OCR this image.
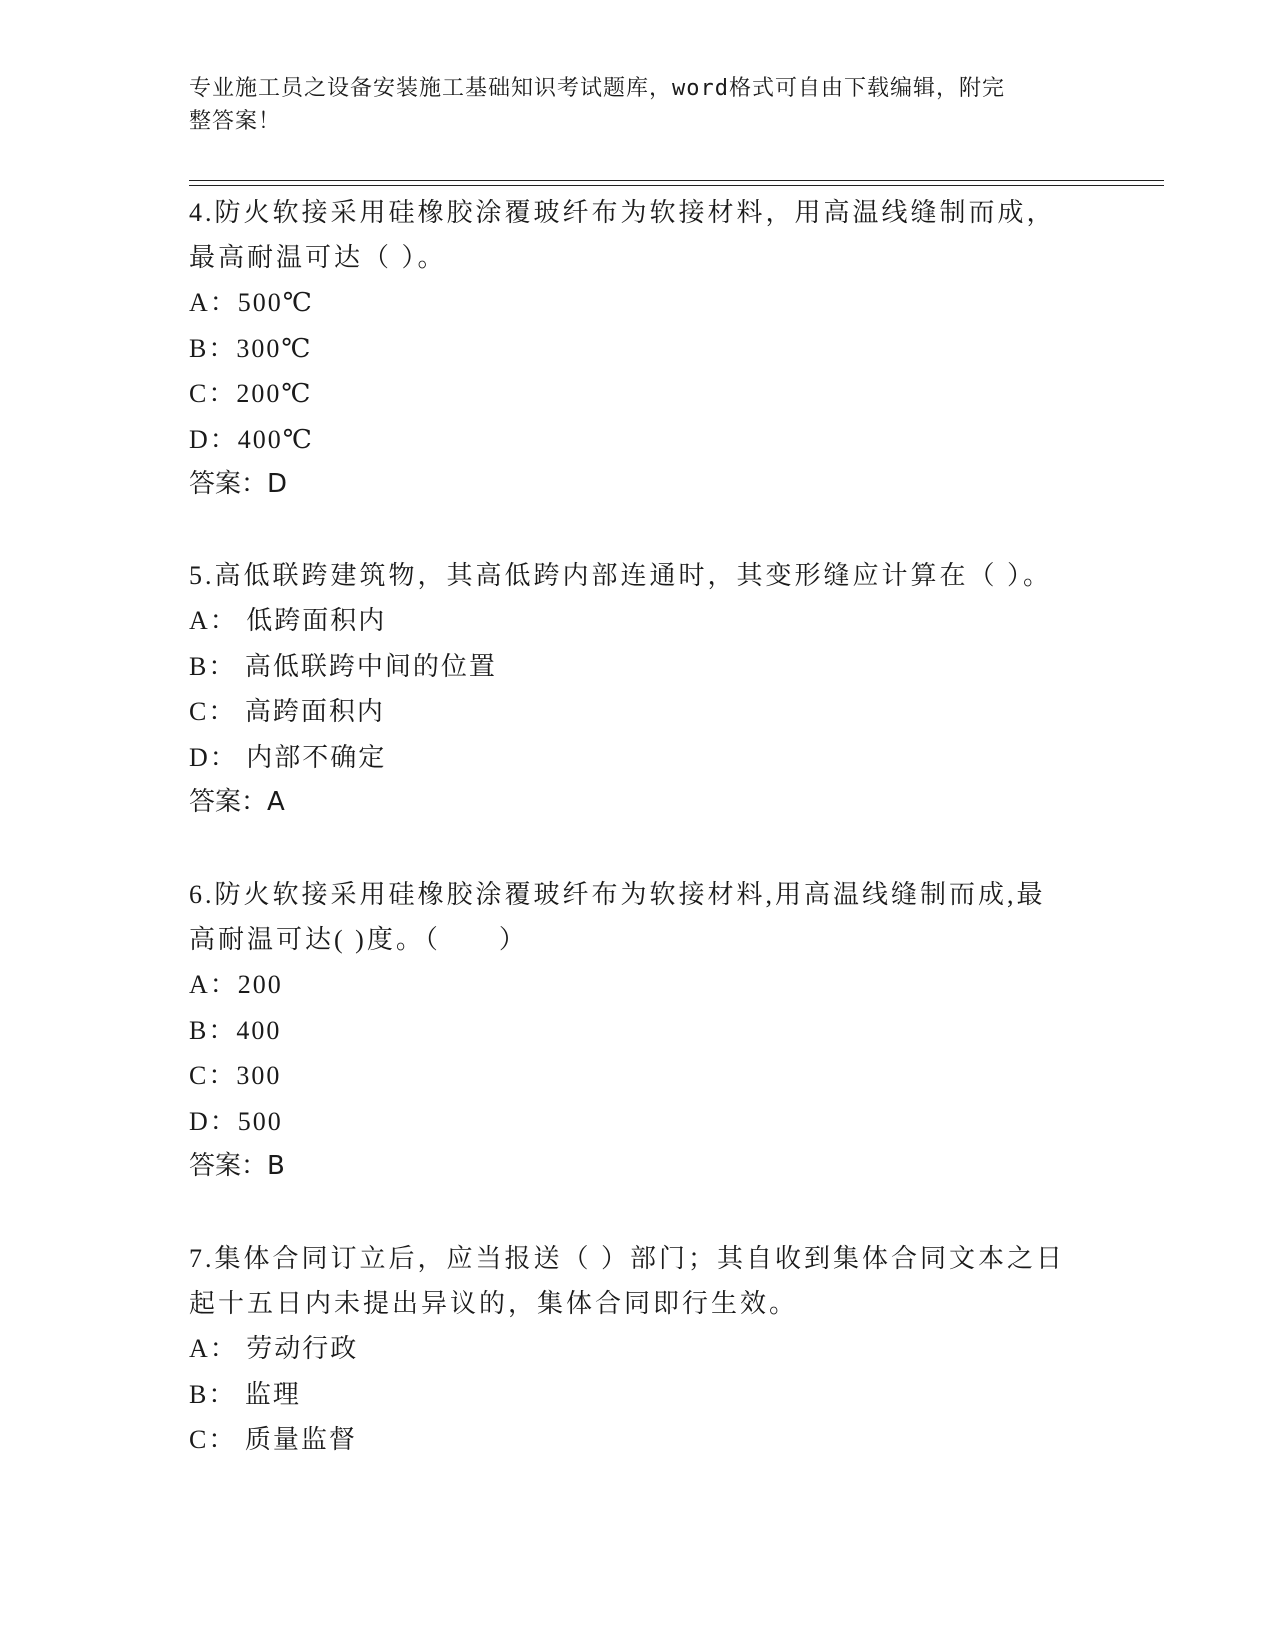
专业施工员之设备安装施工基础知识考试题库，word格式可自由下载编辑，附完
整答案！

4.防火软接采用硅橡胶涂覆玻纤布为软接材料，用高温线缝制而成，

最高耐温可达（ ）。

A：500℃

B：300℃

C：200℃

D：400℃

答案：D

5.高低联跨建筑物，其高低跨内部连通时，其变形缝应计算在（ ）。

A： 低跨面积内

B： 高低联跨中间的位置

C： 高跨面积内

D： 内部不确定

答案：A

6.防火软接采用硅橡胶涂覆玻纤布为软接材料,用高温线缝制而成,最

高耐温可达( )度。（　　）

A：200

B：400

C：300

D：500

答案：B

7.集体合同订立后，应当报送（ ）部门；其自收到集体合同文本之日

起十五日内未提出异议的，集体合同即行生效。

A： 劳动行政

B： 监理

C： 质量监督
